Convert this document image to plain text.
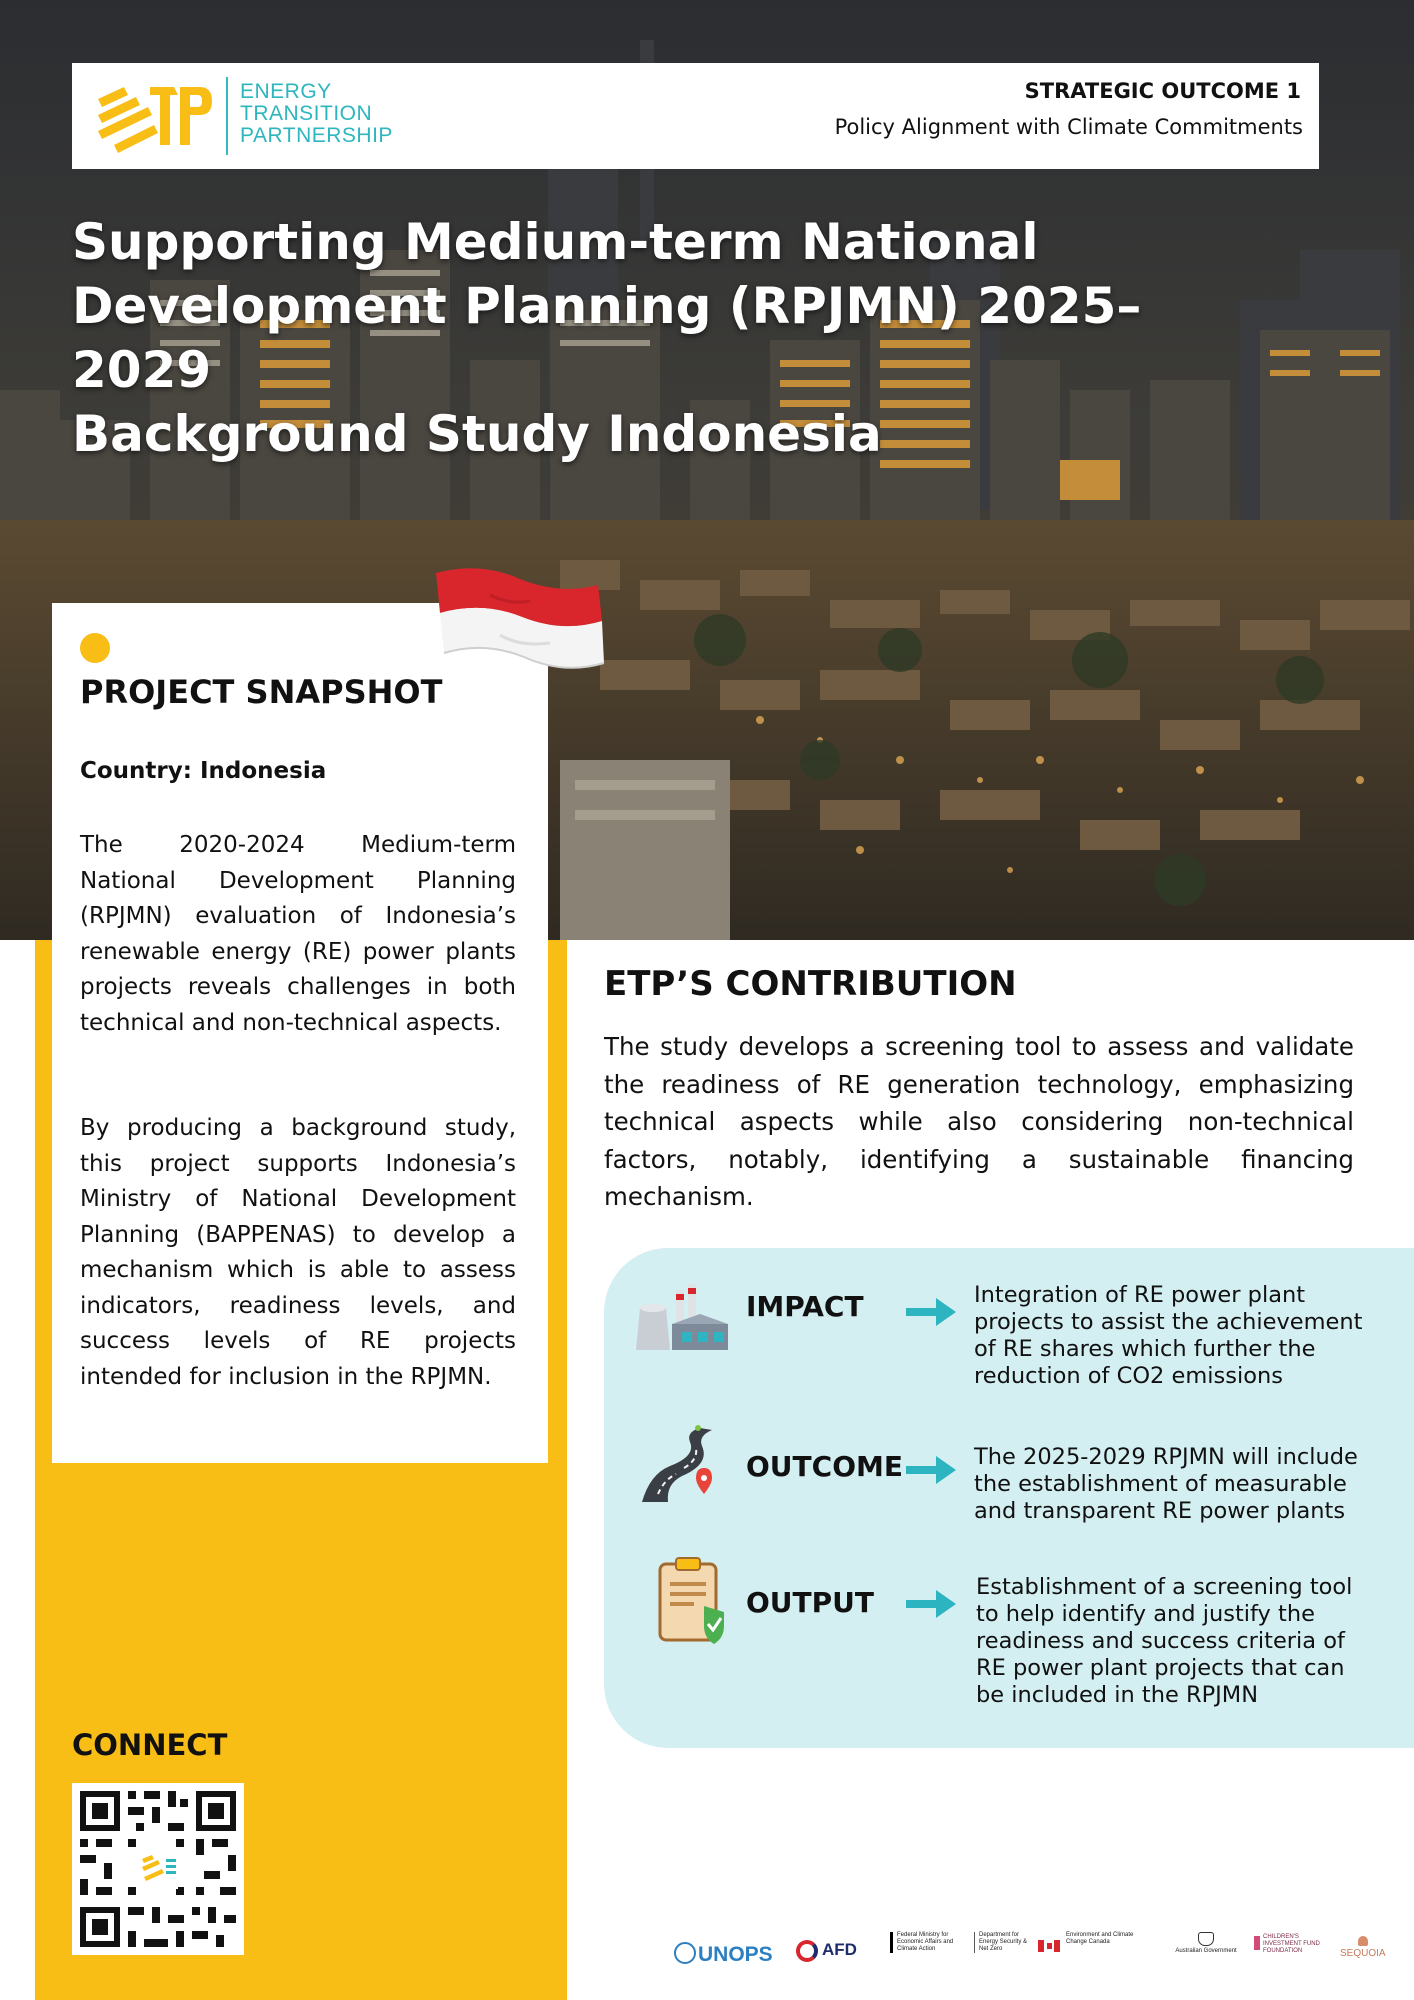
ENERGY
TRANSITION
PARTNERSHIP
STRATEGIC OUTCOME 1
Policy Alignment with Climate Commitments
Supporting Medium-term National
Development Planning (RPJMN) 2025–2029
Background Study Indonesia
PROJECT SNAPSHOT
Country: Indonesia

The 2020-2024 Medium-term National Development Planning (RPJMN) evaluation of Indonesia’s renewable energy (RE) power plants projects reveals challenges in both technical and non-technical aspects.

By producing a background study, this project supports Indonesia’s Ministry of National Development Planning (BAPPENAS) to develop a mechanism which is able to assess indicators, readiness levels, and success levels of RE projects intended for inclusion in the RPJMN.

ETP’S CONTRIBUTION

The study develops a screening tool to assess and validate the readiness of RE generation technology, emphasizing technical aspects while also considering non-technical factors, notably, identifying a sustainable financing mechanism.

IMPACT	Integration of RE power plant projects to assist the achievement of RE shares which further the reduction of CO2 emissions

OUTCOME	The 2025-2029 RPJMN will include the establishment of measurable and transparent RE power plants

OUTPUT	Establishment of a screening tool to help identify and justify the readiness and success criteria of RE power plant projects that can be included in the RPJMN

CONNECT
UNOPS	AFD
Federal Ministry for Economic Affairs and Climate Action
Department for Energy Security & Net Zero
Environment and Climate Change Canada
Australian Government
CHILDREN'S INVESTMENT FUND FOUNDATION	SEQUOIA
